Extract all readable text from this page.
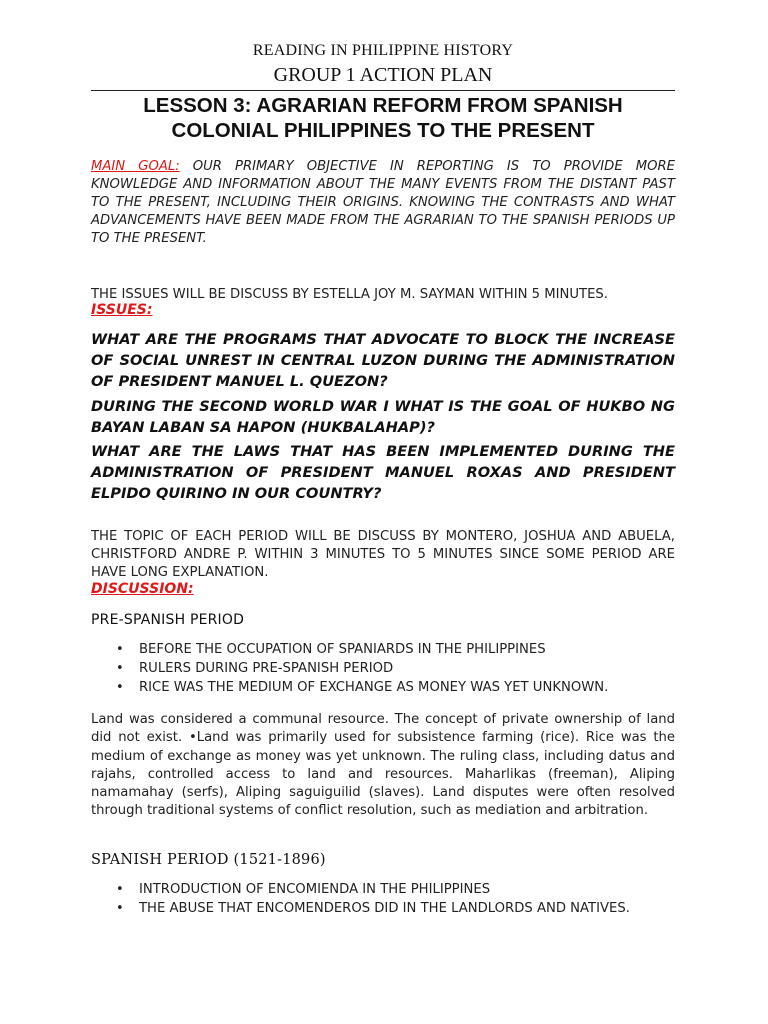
READING IN PHILIPPINE HISTORY
GROUP 1 ACTION PLAN
LESSON 3: AGRARIAN REFORM FROM SPANISH
COLONIAL PHILIPPINES TO THE PRESENT
MAIN GOAL: OUR PRIMARY OBJECTIVE IN REPORTING IS TO PROVIDE MORE KNOWLEDGE AND INFORMATION ABOUT THE MANY EVENTS FROM THE DISTANT PAST TO THE PRESENT, INCLUDING THEIR ORIGINS. KNOWING THE CONTRASTS AND WHAT ADVANCEMENTS HAVE BEEN MADE FROM THE AGRARIAN TO THE SPANISH PERIODS UP TO THE PRESENT.
THE ISSUES WILL BE DISCUSS BY ESTELLA JOY M. SAYMAN WITHIN 5 MINUTES.
ISSUES:
WHAT ARE THE PROGRAMS THAT ADVOCATE TO BLOCK THE INCREASE OF SOCIAL UNREST IN CENTRAL LUZON DURING THE ADMINISTRATION OF PRESIDENT MANUEL L. QUEZON?
DURING THE SECOND WORLD WAR I WHAT IS THE GOAL OF HUKBO NG BAYAN LABAN SA HAPON (HUKBALAHAP)?
WHAT ARE THE LAWS THAT HAS BEEN IMPLEMENTED DURING THE ADMINISTRATION OF PRESIDENT MANUEL ROXAS AND PRESIDENT ELPIDO QUIRINO IN OUR COUNTRY?
THE TOPIC OF EACH PERIOD WILL BE DISCUSS BY MONTERO, JOSHUA AND ABUELA, CHRISTFORD ANDRE P. WITHIN 3 MINUTES TO 5 MINUTES SINCE SOME PERIOD ARE HAVE LONG EXPLANATION.
DISCUSSION:
PRE-SPANISH PERIOD
• BEFORE THE OCCUPATION OF SPANIARDS IN THE PHILIPPINES
• RULERS DURING PRE-SPANISH PERIOD
• RICE WAS THE MEDIUM OF EXCHANGE AS MONEY WAS YET UNKNOWN.
Land was considered a communal resource. The concept of private ownership of land did not exist. •Land was primarily used for subsistence farming (rice). Rice was the medium of exchange as money was yet unknown. The ruling class, including datus and rajahs, controlled access to land and resources. Maharlikas (freeman), Aliping namamahay (serfs), Aliping saguiguilid (slaves). Land disputes were often resolved through traditional systems of conflict resolution, such as mediation and arbitration.
SPANISH PERIOD (1521-1896)
• INTRODUCTION OF ENCOMIENDA IN THE PHILIPPINES
• THE ABUSE THAT ENCOMENDEROS DID IN THE LANDLORDS AND NATIVES.
